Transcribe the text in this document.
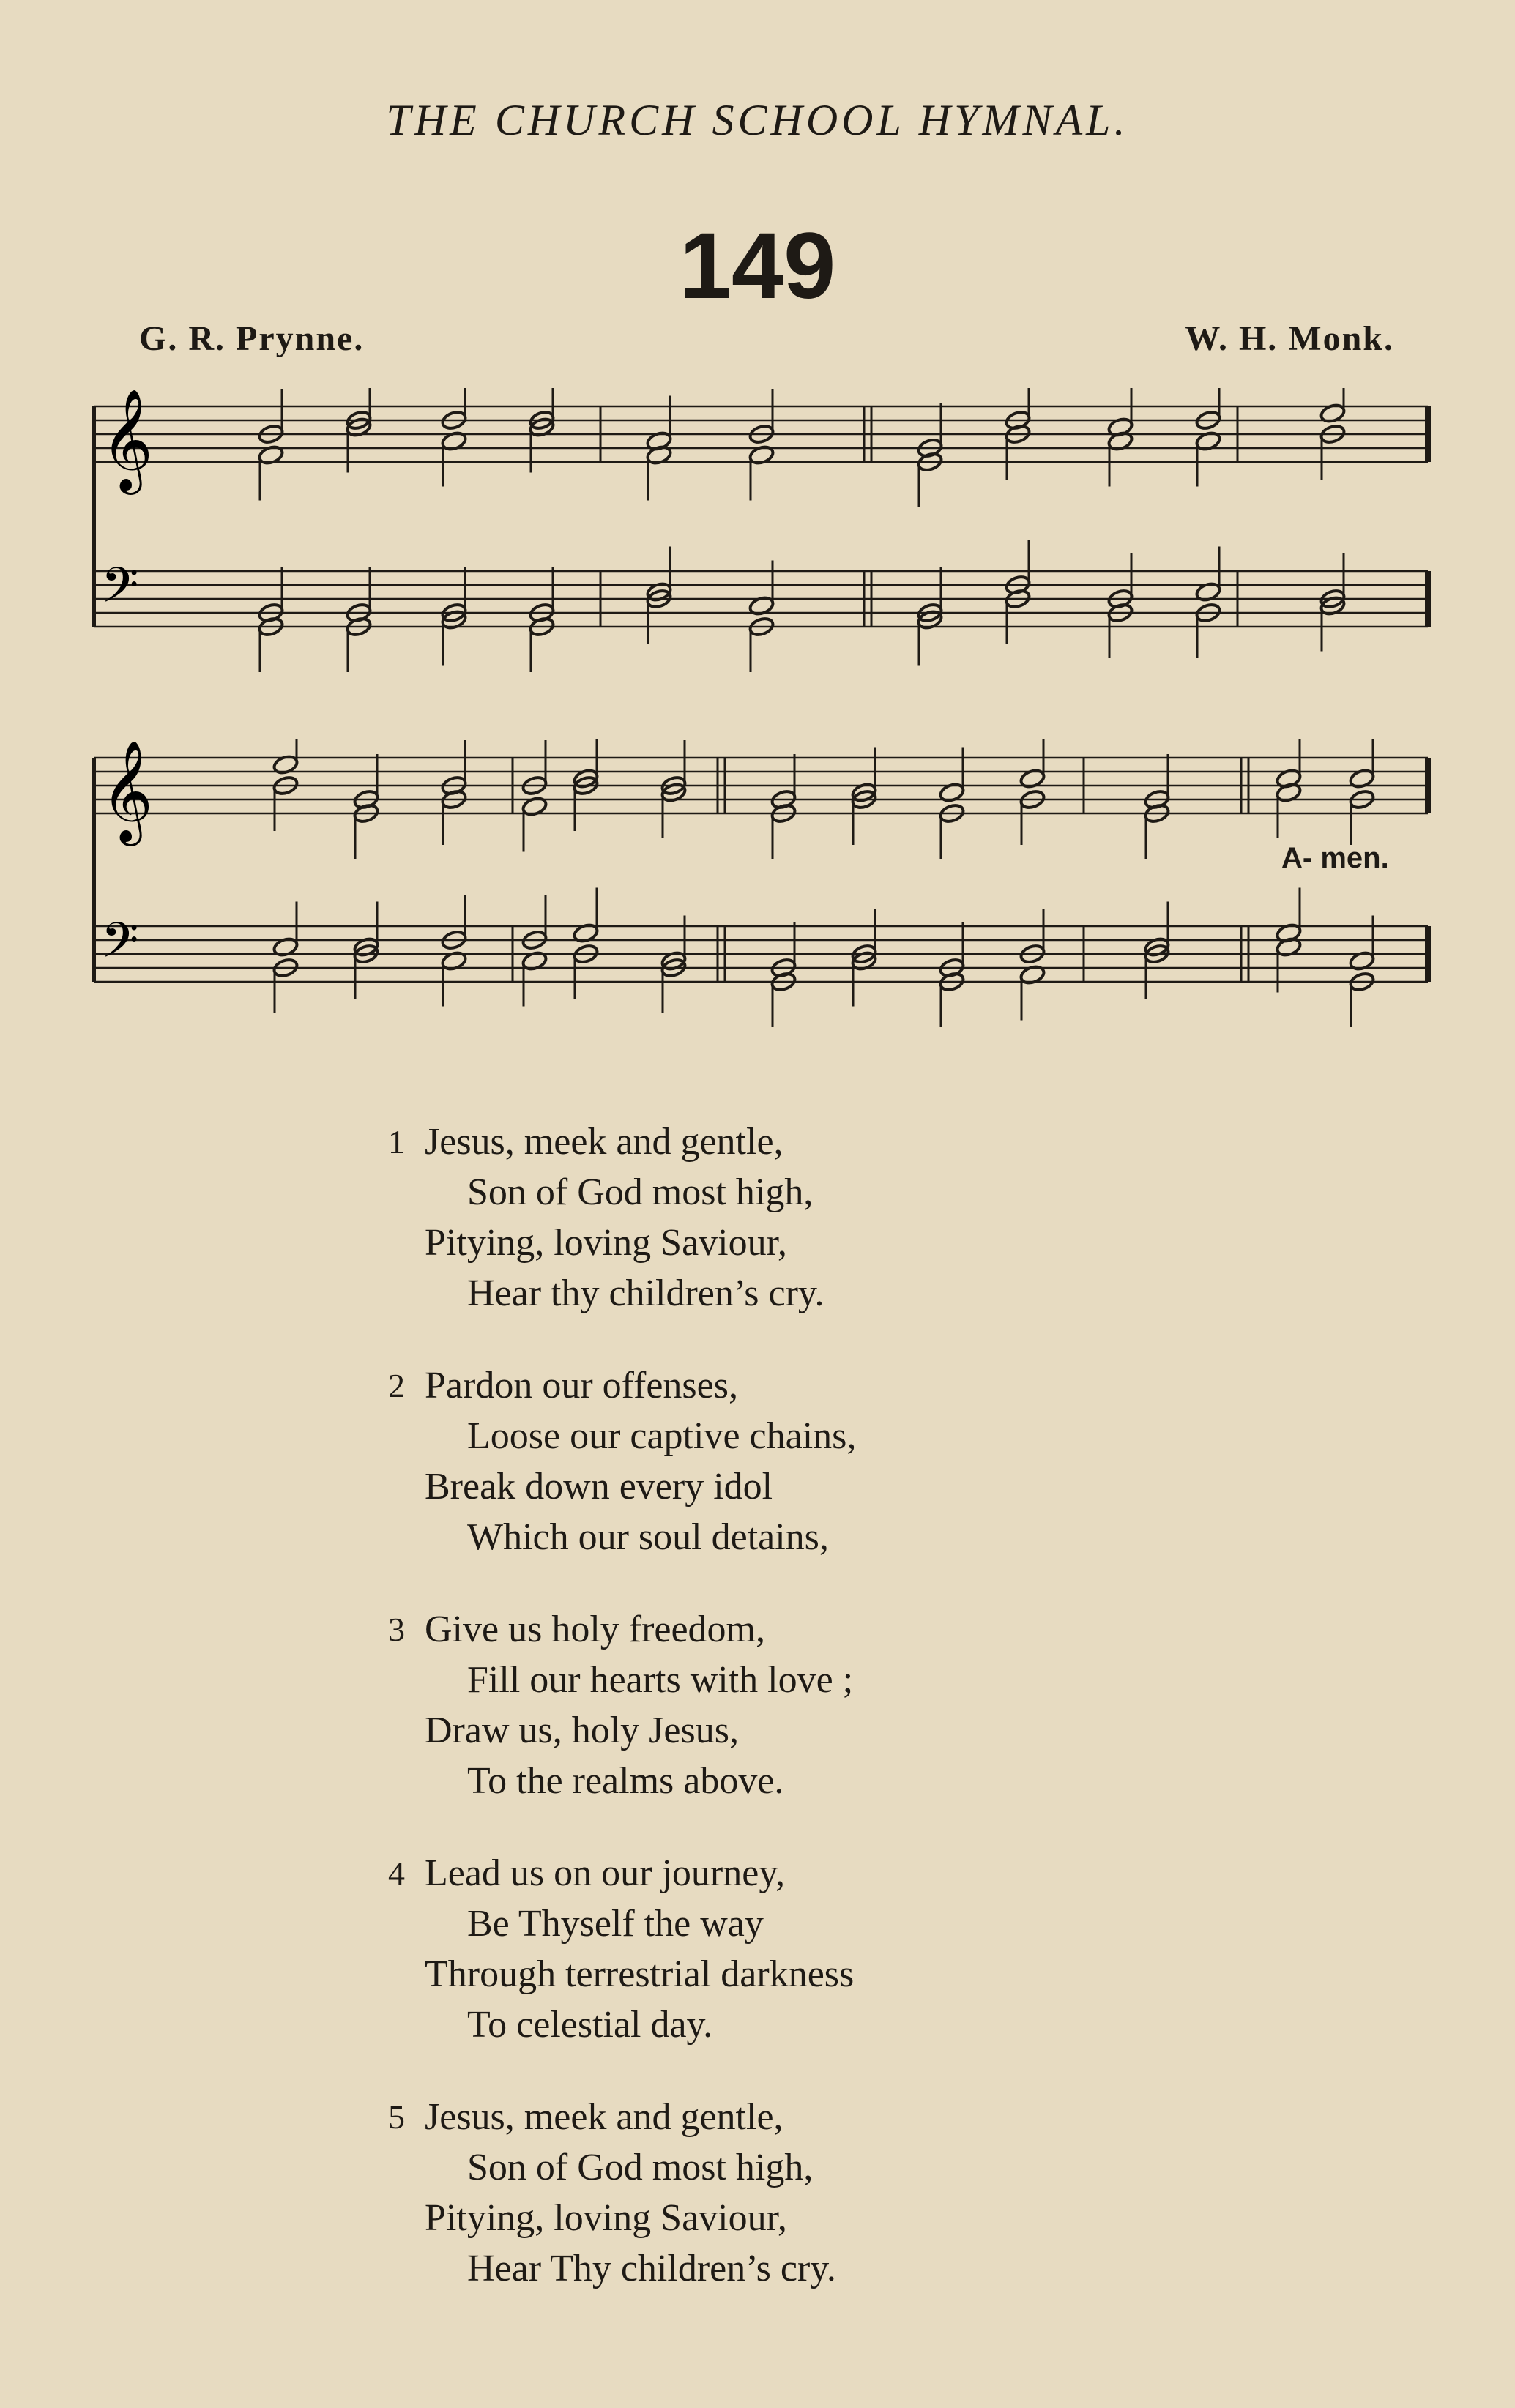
THE CHURCH SCHOOL HYMNAL.
149
G. R. Prynne.	W. H. Monk.
𝄞
𝄢
𝄞
𝄢
A- men.
1 Jesus, meek and gentle,
Son of God most high,
Pitying, loving Saviour,
Hear thy children’s cry.
2 Pardon our offenses,
Loose our captive chains,
Break down every idol
Which our soul detains,
3 Give us holy freedom,
Fill our hearts with love ;
Draw us, holy Jesus,
To the realms above.
4 Lead us on our journey,
Be Thyself the way
Through terrestrial darkness
To celestial day.
5 Jesus, meek and gentle,
Son of God most high,
Pitying, loving Saviour,
Hear Thy children’s cry.
